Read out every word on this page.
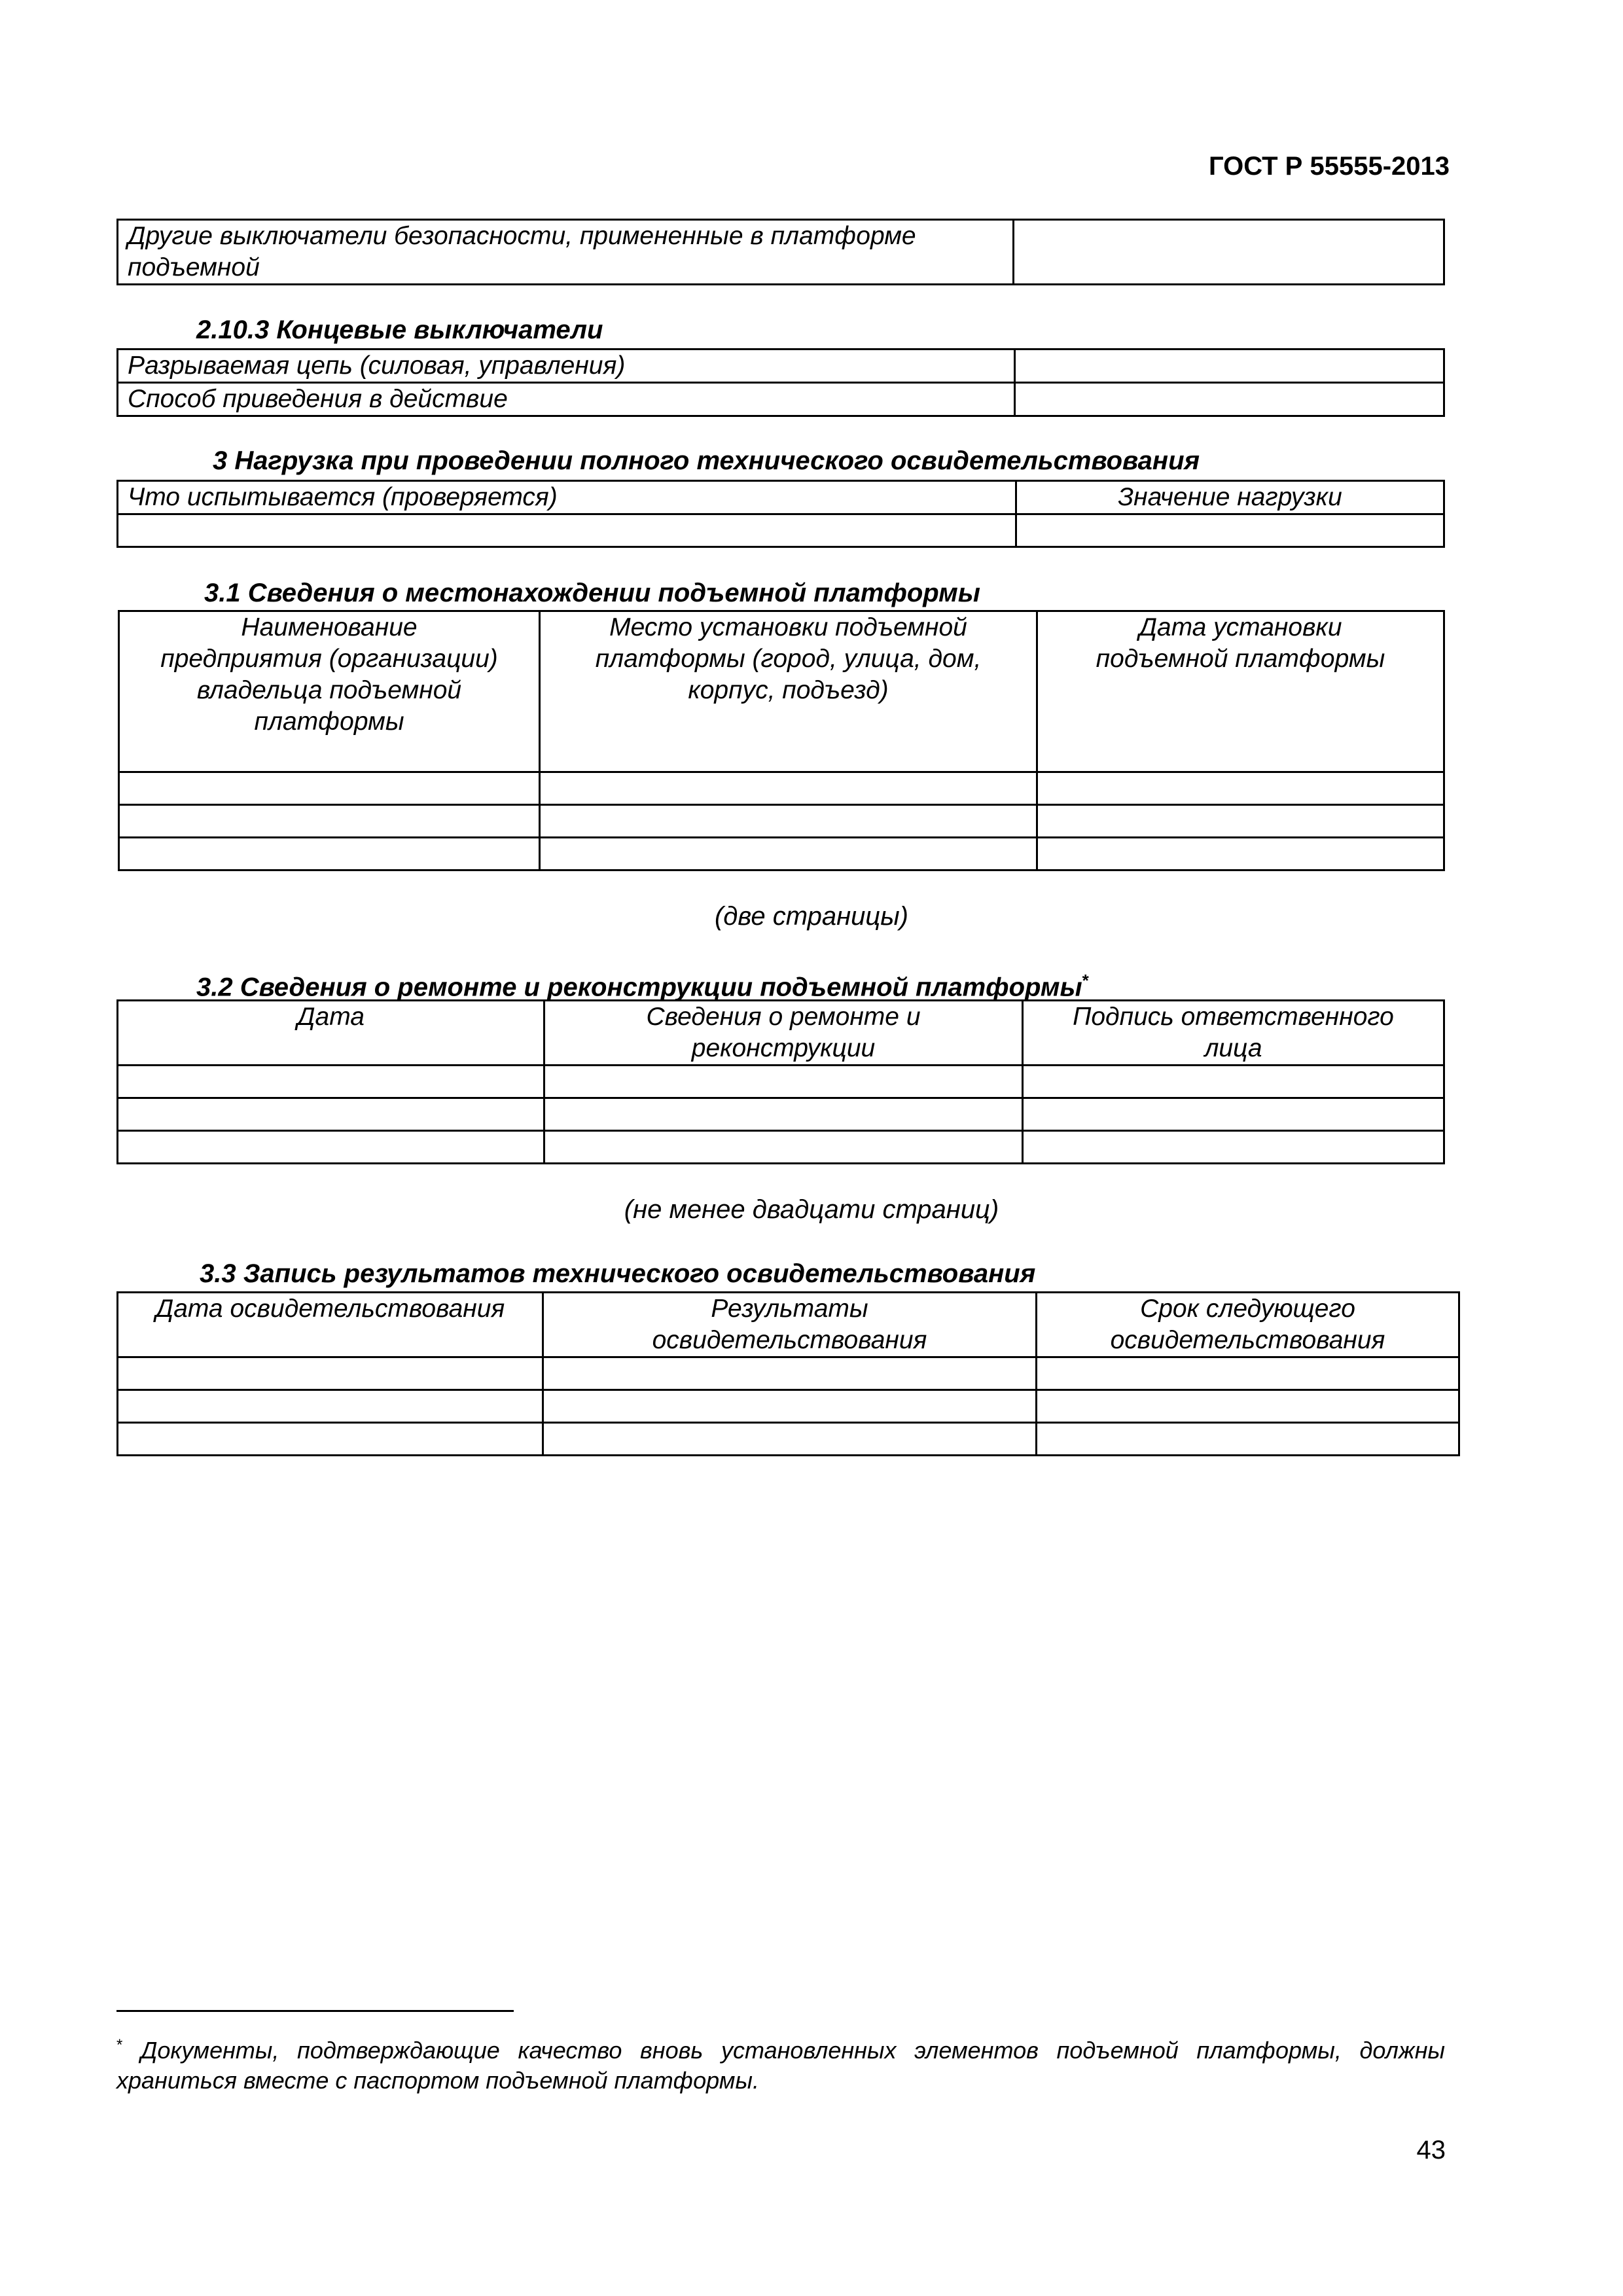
ГОСТ Р 55555-2013
Другие выключатели безопасности, примененные в платформе подъемной	
2.10.3 Концевые выключатели
Разрываемая цепь (силовая, управления)	
Способ приведения в действие	
3 Нагрузка при проведении полного технического освидетельствования
Что испытывается (проверяется)	Значение нагрузки

3.1 Сведения о местонахождении подъемной платформы
Наименование предприятия (организации) владельца подъемной платформы	Место установки подъемной платформы (город, улица, дом, корпус, подъезд)	Дата установки подъемной платформы

(две страницы)
3.2 Сведения о ремонте и реконструкции подъемной платформы*
Дата	Сведения о ремонте и реконструкции	Подпись ответственного лица

(не менее двадцати страниц)
3.3 Запись результатов технического освидетельствования
Дата освидетельствования	Результаты освидетельствования	Срок следующего освидетельствования

* Документы, подтверждающие качество вновь установленных элементов подъемной платформы, должны храниться вместе с паспортом подъемной платформы.
43
